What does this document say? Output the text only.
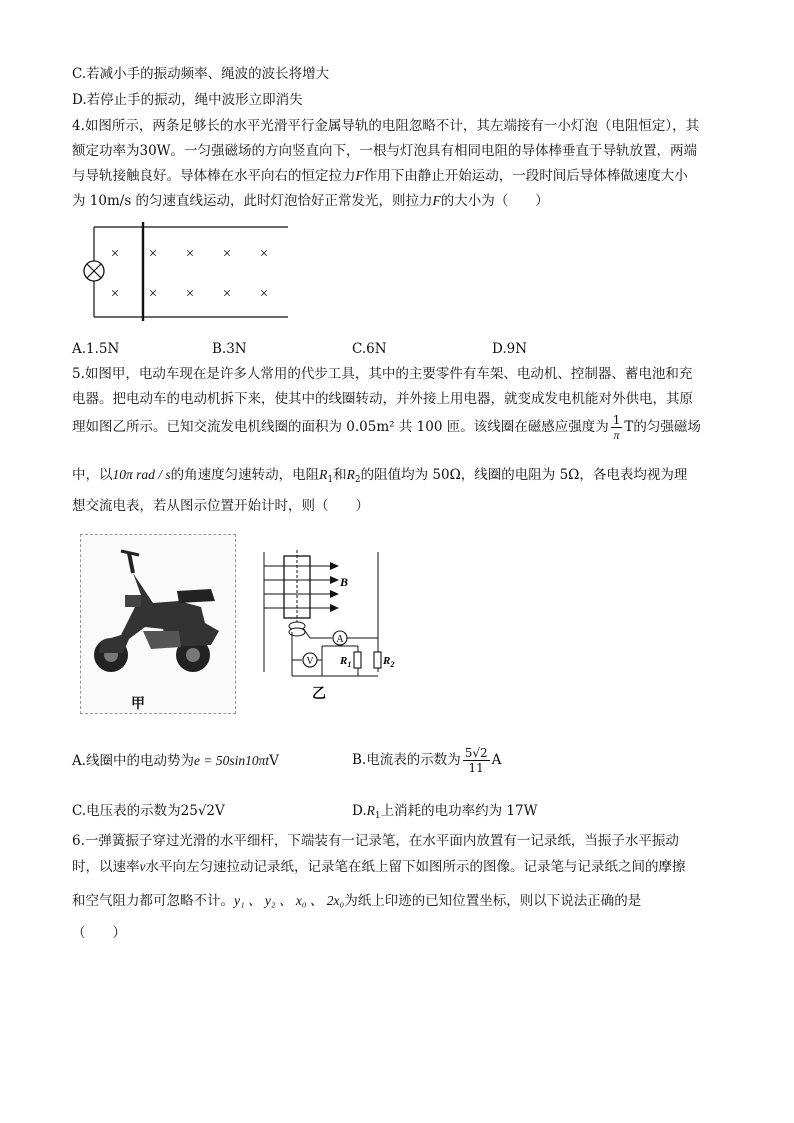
C.若减小手的振动频率、绳波的波长将增大
D.若停止手的振动，绳中波形立即消失
4.如图所示，两条足够长的水平光滑平行金属导轨的电阻忽略不计，其左端接有一小灯泡（电阻恒定），其
额定功率为30W。一匀强磁场的方向竖直向下，一根与灯泡具有相同电阻的导体棒垂直于导轨放置，两端
与导轨接触良好。导体棒在水平向右的恒定拉力F作用下由静止开始运动，一段时间后导体棒做速度大小
为 10m/s 的匀速直线运动，此时灯泡恰好正常发光，则拉力F的大小为（　　）
× × × × ×
× × × × ×
A.1.5N	B.3N	C.6N	D.9N
5.如图甲，电动车现在是许多人常用的代步工具，其中的主要零件有车架、电动机、控制器、蓄电池和充
电器。把电动车的电动机拆下来，使其中的线圈转动，并外接上用电器，就变成发电机能对外供电，其原
理如图乙所示。已知交流发电机线圈的面积为 0.05m² 共 100 匝。该线圈在磁感应强度为 $\frac{1}{\pi}$ T的匀强磁场
中，以10π rad / s的角速度匀速转动，电阻$R_1$和$R_2$的阻值均为 50Ω，线圈的电阻为 5Ω，各电表均视为理
想交流电表，若从图示位置开始计时，则（　　）
甲
B
A
V $R_1$	$R_2$
乙
A.线圈中的电动势为e = 50sin10πtV	B.电流表的示数为 $\frac{5√2}{11}$ A
C.电压表的示数为25√2V	$D.R_1$上消耗的电功率约为 17W
6.一弹簧振子穿过光滑的水平细杆，下端装有一记录笔，在水平面内放置有一记录纸，当振子水平振动
时，以速率v水平向左匀速拉动记录纸，记录笔在纸上留下如图所示的图像。记录笔与记录纸之间的摩擦
和空气阻力都可忽略不计。y₁ 、 y₂ 、 x₀ 、 2x₀为纸上印迹的已知位置坐标，则以下说法正确的是
（　　）
